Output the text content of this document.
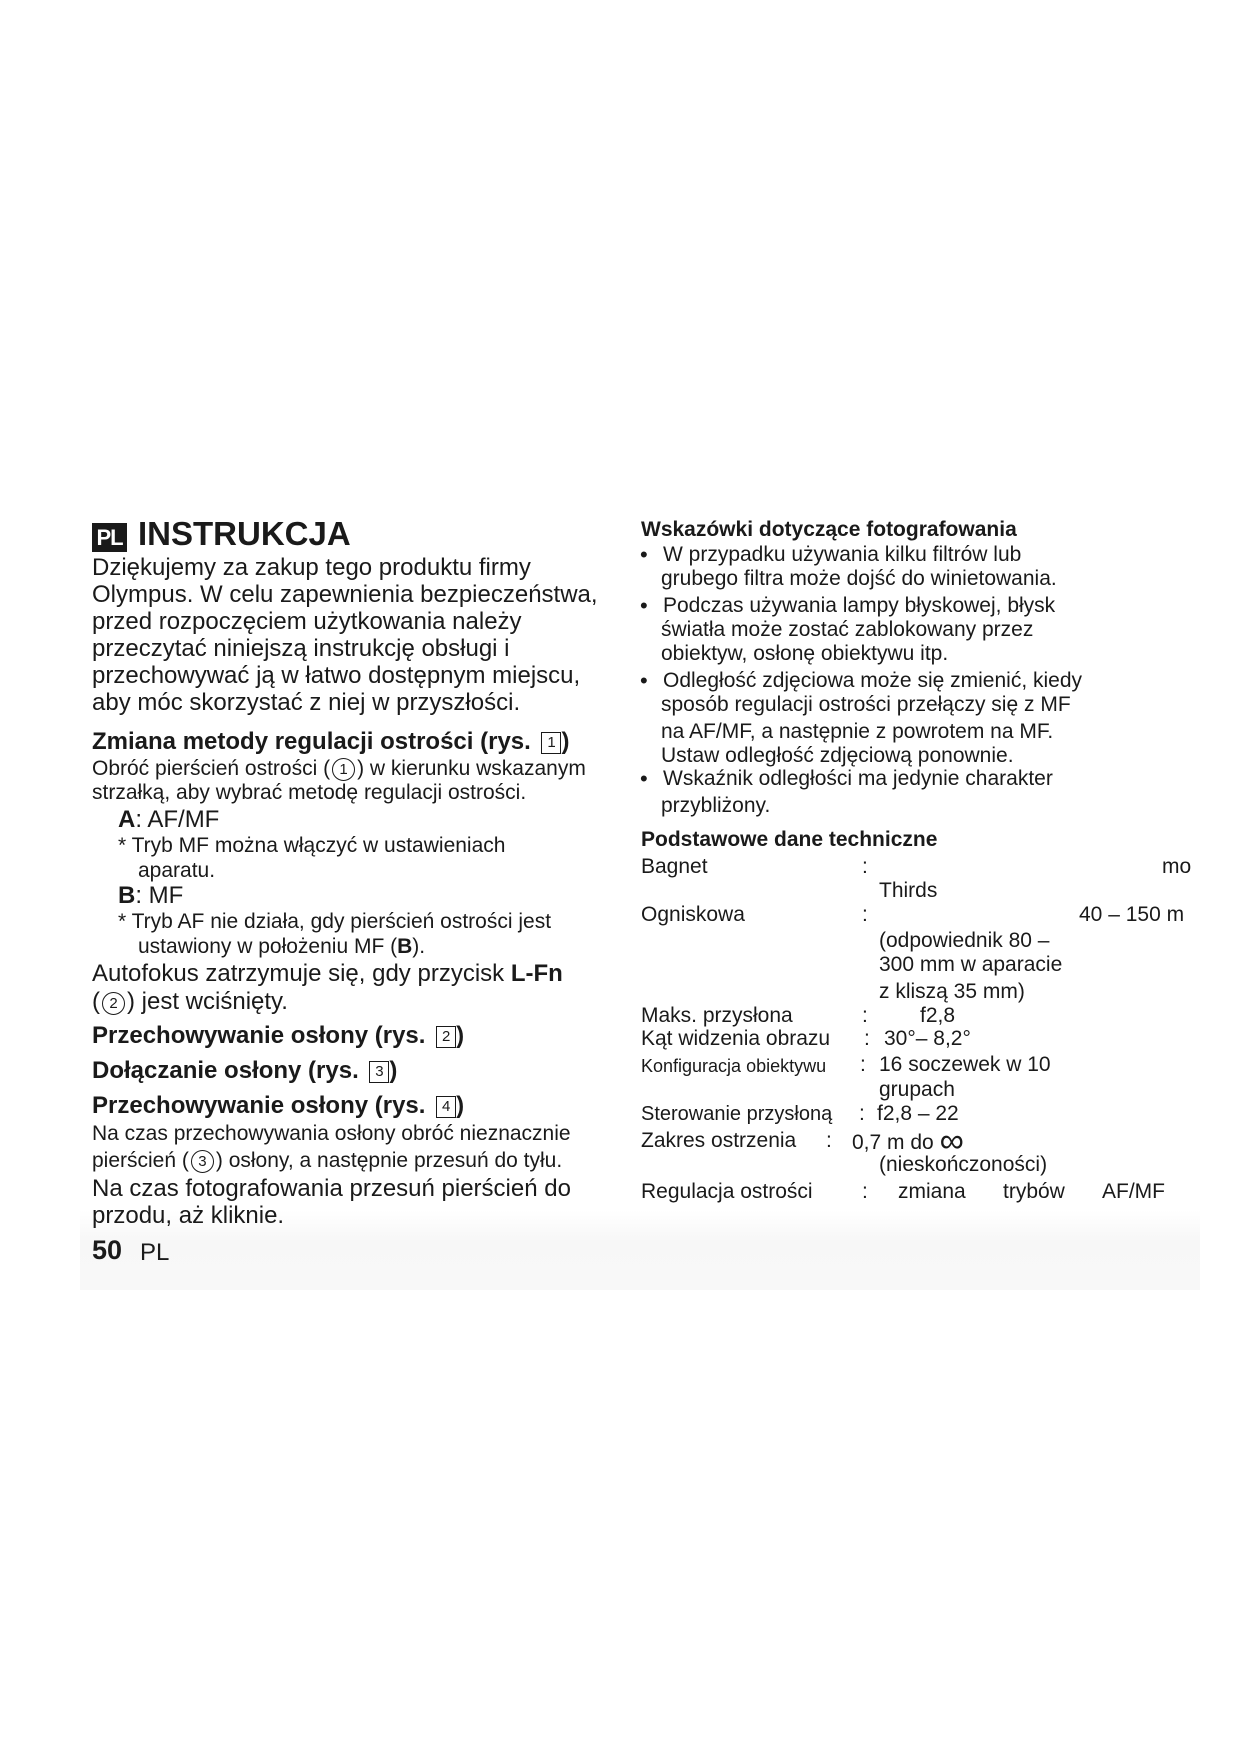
PL INSTRUKCJA
Dziękujemy za zakup tego produktu firmy
Olympus. W celu zapewnienia bezpieczeństwa,
przed rozpoczęciem użytkowania należy
przeczytać niniejszą instrukcję obsługi i
przechowywać ją w łatwo dostępnym miejscu,
aby móc skorzystać z niej w przyszłości.
Zmiana metody regulacji ostrości (rys. 1 )
Obróć pierścień ostrości ( 1 ) w kierunku wskazanym
strzałką, aby wybrać metodę regulacji ostrości.
A: AF/MF
* Tryb MF można włączyć w ustawieniach
aparatu.
B: MF
* Tryb AF nie działa, gdy pierścień ostrości jest
ustawiony w położeniu MF (B).
Autofokus zatrzymuje się, gdy przycisk L-Fn
( 2 ) jest wciśnięty.
Przechowywanie osłony (rys. 2 )
Dołączanie osłony (rys. 3 )
Przechowywanie osłony (rys. 4 )
Na czas przechowywania osłony obróć nieznacznie
pierścień ( 3 ) osłony, a następnie przesuń do tyłu.
Na czas fotografowania przesuń pierścień do
przodu, aż kliknie.
50 PL
Wskazówki dotyczące fotografowania
• W przypadku używania kilku filtrów lub
grubego filtra może dojść do winietowania.
• Podczas używania lampy błyskowej, błysk
światła może zostać zablokowany przez
obiektyw, osłonę obiektywu itp.
• Odległość zdjęciowa może się zmienić, kiedy
sposób regulacji ostrości przełączy się z MF
na AF/MF, a następnie z powrotem na MF.
Ustaw odległość zdjęciową ponownie.
• Wskaźnik odległości ma jedynie charakter
przybliżony.
Podstawowe dane techniczne
Bagnet	:	mo
Thirds
Ogniskowa	:	40 – 150 m
(odpowiednik 80 –
300 mm w aparacie
z kliszą 35 mm)
Maks. przysłona	: f2,8
Kąt widzenia obrazu : 30°– 8,2°
Konfiguracja obiektywu : 16 soczewek w 10
grupach
Sterowanie przysłoną : f2,8 – 22
Zakres ostrzenia : 0,7 m do ∞
(nieskończoności)
Regulacja ostrości : zmiana trybów AF/MF
